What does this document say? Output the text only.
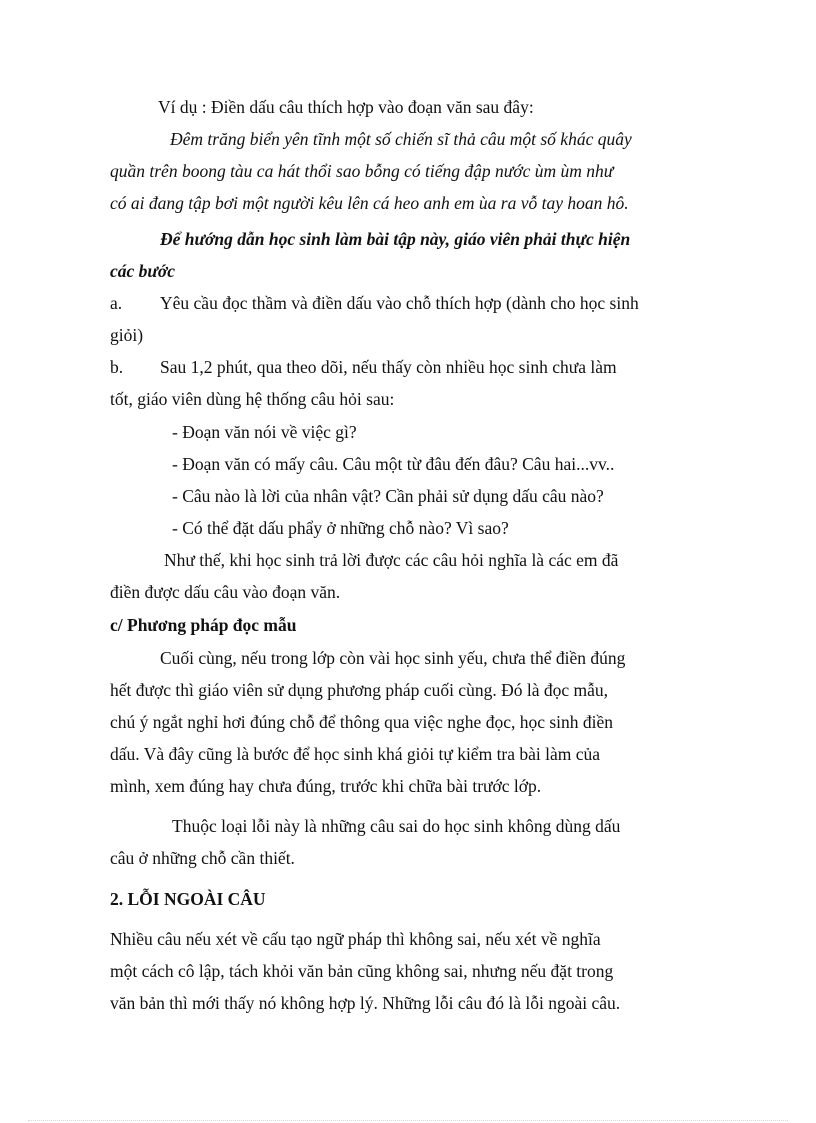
Ví dụ : Điền dấu câu thích hợp vào đoạn văn sau đây:
Đêm trăng biển yên tĩnh một số chiến sĩ thả câu một số khác quây
quần trên boong tàu ca hát thổi sao bỗng có tiếng đập nước ùm ùm như
có ai đang tập bơi một người kêu lên cá heo anh em ùa ra vỗ tay hoan hô.
Để hướng dẫn học sinh làm bài tập này, giáo viên phải thực hiện
các bước
a. Yêu cầu đọc thầm và điền dấu vào chỗ thích hợp (dành cho học sinh
giỏi)
b. Sau 1,2 phút, qua theo dõi, nếu thấy còn nhiều học sinh chưa làm
tốt, giáo viên dùng hệ thống câu hỏi sau:
- Đoạn văn nói về việc gì?
- Đoạn văn có mấy câu. Câu một từ đâu đến đâu? Câu hai...vv..
- Câu nào là lời của nhân vật? Cần phải sử dụng dấu câu nào?
- Có thể đặt dấu phẩy ở những chỗ nào? Vì sao?
Như thế, khi học sinh trả lời được các câu hỏi nghĩa là các em đã
điền được dấu câu vào đoạn văn.
c/ Phương pháp đọc mẫu
Cuối cùng, nếu trong lớp còn vài học sinh yếu, chưa thể điền đúng
hết được thì giáo viên sử dụng phương pháp cuối cùng. Đó là đọc mẫu,
chú ý ngắt nghỉ hơi đúng chỗ để thông qua việc nghe đọc, học sinh điền
dấu. Và đây cũng là bước để học sinh khá giỏi tự kiểm tra bài làm của
mình, xem đúng hay chưa đúng, trước khi chữa bài trước lớp.
Thuộc loại lỗi này là những câu sai do học sinh không dùng dấu
câu ở những chỗ cần thiết.
2. LỖI NGOÀI CÂU
Nhiều câu nếu xét về cấu tạo ngữ pháp thì không sai, nếu xét về nghĩa
một cách cô lập, tách khỏi văn bản cũng không sai, nhưng nếu đặt trong
văn bản thì mới thấy nó không hợp lý. Những lỗi câu đó là lỗi ngoài câu.
